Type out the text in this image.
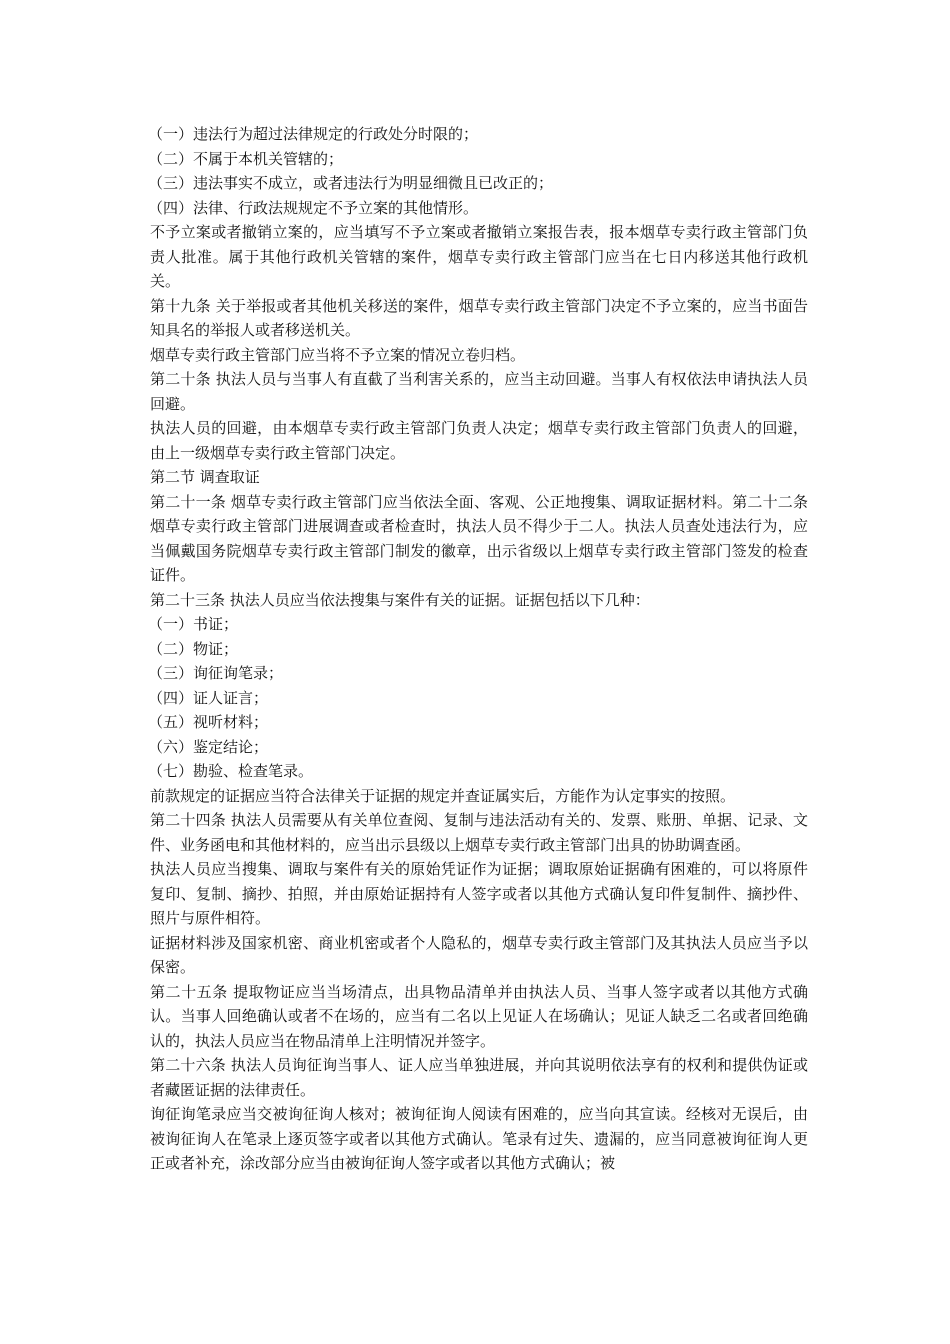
（一）违法行为超过法律规定的行政处分时限的；

（二）不属于本机关管辖的；

（三）违法事实不成立，或者违法行为明显细微且已改正的；

（四）法律、行政法规规定不予立案的其他情形。

不予立案或者撤销立案的，应当填写不予立案或者撤销立案报告表，报本烟草专卖行政主管部门负责人批准。属于其他行政机关管辖的案件，烟草专卖行政主管部门应当在七日内移送其他行政机关。

第十九条 关于举报或者其他机关移送的案件，烟草专卖行政主管部门决定不予立案的，应当书面告知具名的举报人或者移送机关。

烟草专卖行政主管部门应当将不予立案的情况立卷归档。

第二十条 执法人员与当事人有直截了当利害关系的，应当主动回避。当事人有权依法申请执法人员回避。

执法人员的回避，由本烟草专卖行政主管部门负责人决定；烟草专卖行政主管部门负责人的回避，由上一级烟草专卖行政主管部门决定。

第二节 调查取证

第二十一条 烟草专卖行政主管部门应当依法全面、客观、公正地搜集、调取证据材料。第二十二条 烟草专卖行政主管部门进展调查或者检查时，执法人员不得少于二人。执法人员查处违法行为，应当佩戴国务院烟草专卖行政主管部门制发的徽章，出示省级以上烟草专卖行政主管部门签发的检查证件。

第二十三条 执法人员应当依法搜集与案件有关的证据。证据包括以下几种：

（一）书证；

（二）物证；

（三）询征询笔录；

（四）证人证言；

（五）视听材料；

（六）鉴定结论；

（七）勘验、检查笔录。

前款规定的证据应当符合法律关于证据的规定并查证属实后，方能作为认定事实的按照。

第二十四条 执法人员需要从有关单位查阅、复制与违法活动有关的、发票、账册、单据、记录、文件、业务函电和其他材料的，应当出示县级以上烟草专卖行政主管部门出具的协助调查函。

执法人员应当搜集、调取与案件有关的原始凭证作为证据；调取原始证据确有困难的，可以将原件复印、复制、摘抄、拍照，并由原始证据持有人签字或者以其他方式确认复印件复制件、摘抄件、照片与原件相符。

证据材料涉及国家机密、商业机密或者个人隐私的，烟草专卖行政主管部门及其执法人员应当予以保密。

第二十五条 提取物证应当当场清点，出具物品清单并由执法人员、当事人签字或者以其他方式确认。当事人回绝确认或者不在场的，应当有二名以上见证人在场确认；见证人缺乏二名或者回绝确认的，执法人员应当在物品清单上注明情况并签字。

第二十六条 执法人员询征询当事人、证人应当单独进展，并向其说明依法享有的权利和提供伪证或者藏匿证据的法律责任。

询征询笔录应当交被询征询人核对；被询征询人阅读有困难的，应当向其宣读。经核对无误后，由被询征询人在笔录上逐页签字或者以其他方式确认。笔录有过失、遗漏的，应当同意被询征询人更正或者补充，涂改部分应当由被询征询人签字或者以其他方式确认；被
